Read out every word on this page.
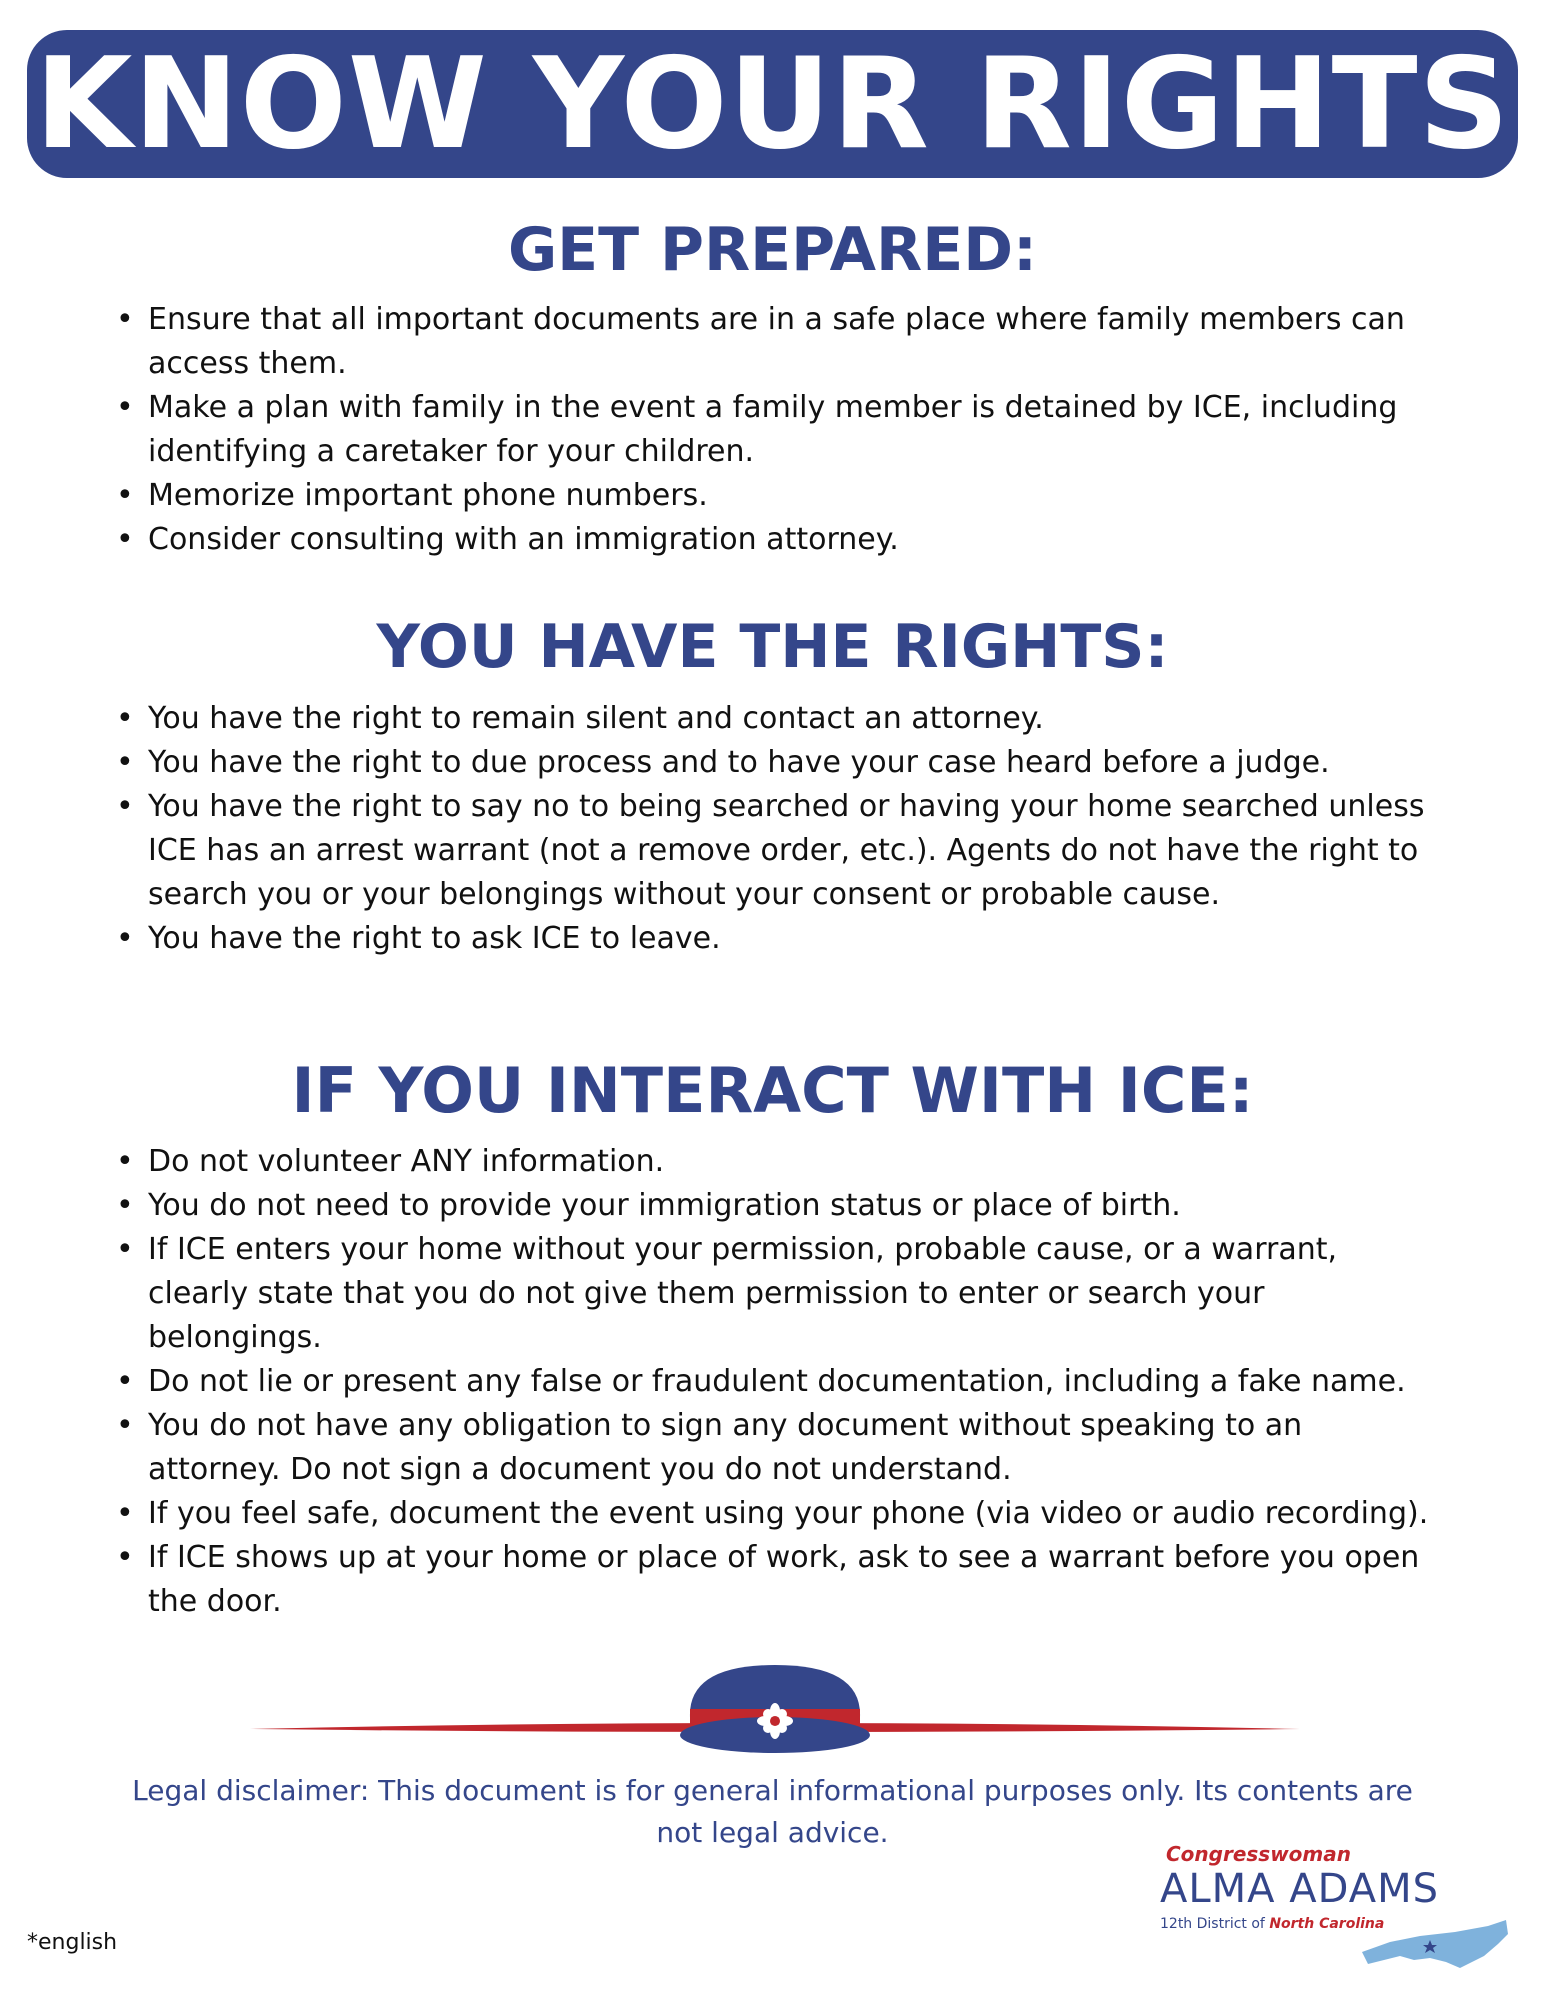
KNOW YOUR RIGHTS
GET PREPARED:
• Ensure that all important documents are in a safe place where family members can access them.
• Make a plan with family in the event a family member is detained by ICE, including identifying a caretaker for your children.
• Memorize important phone numbers.
• Consider consulting with an immigration attorney.
YOU HAVE THE RIGHTS:
• You have the right to remain silent and contact an attorney.
• You have the right to due process and to have your case heard before a judge.
• You have the right to say no to being searched or having your home searched unless ICE has an arrest warrant (not a remove order, etc.). Agents do not have the right to search you or your belongings without your consent or probable cause.
• You have the right to ask ICE to leave.
IF YOU INTERACT WITH ICE:
• Do not volunteer ANY information.
• You do not need to provide your immigration status or place of birth.
• If ICE enters your home without your permission, probable cause, or a warrant, clearly state that you do not give them permission to enter or search your belongings.
• Do not lie or present any false or fraudulent documentation, including a fake name.
• You do not have any obligation to sign any document without speaking to an attorney. Do not sign a document you do not understand.
• If you feel safe, document the event using your phone (via video or audio recording).
• If ICE shows up at your home or place of work, ask to see a warrant before you open the door.
Legal disclaimer: This document is for general informational purposes only. Its contents are not legal advice.
*english
Congresswoman
ALMA ADAMS
12th District of North Carolina
